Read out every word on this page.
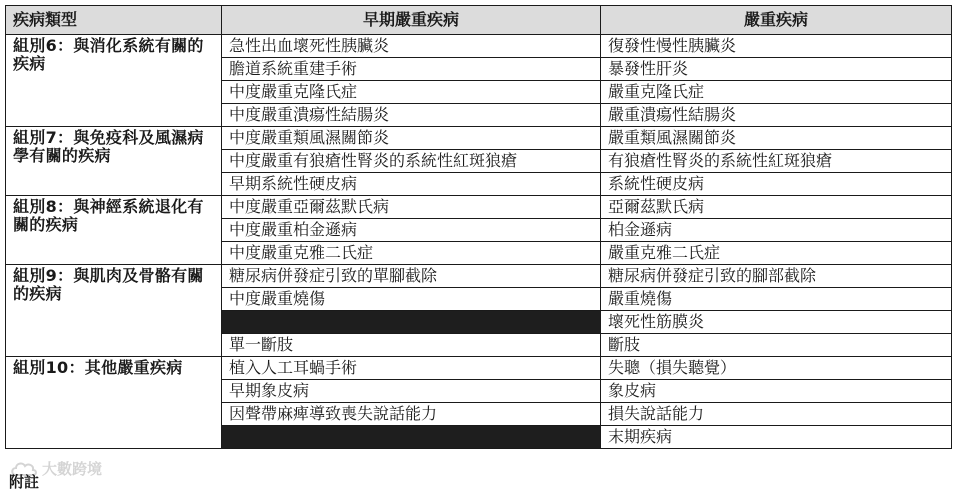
疾病類型	早期嚴重疾病	嚴重疾病
組別6：與消化系統有關的疾病	急性出血壞死性胰臟炎	復發性慢性胰臟炎
	膽道系統重建手術	暴發性肝炎
	中度嚴重克隆氏症	嚴重克隆氏症
	中度嚴重潰瘍性結腸炎	嚴重潰瘍性結腸炎
組別7：與免疫科及風濕病學有關的疾病	中度嚴重類風濕關節炎	嚴重類風濕關節炎
	中度嚴重有狼瘡性腎炎的系統性紅斑狼瘡	有狼瘡性腎炎的系統性紅斑狼瘡
	早期系統性硬皮病	系統性硬皮病
組別8：與神經系統退化有關的疾病	中度嚴重亞爾茲默氏病	亞爾茲默氏病
	中度嚴重柏金遜病	柏金遜病
	中度嚴重克雅二氏症	嚴重克雅二氏症
組別9：與肌肉及骨骼有關的疾病	糖尿病併發症引致的單腳截除	糖尿病併發症引致的腳部截除
	中度嚴重燒傷	嚴重燒傷
		壞死性筋膜炎
	單一斷肢	斷肢
組別10：其他嚴重疾病	植入人工耳蝸手術	失聰（損失聽覺）
	早期象皮病	象皮病
	因聲帶麻痺導致喪失說話能力	損失說話能力
		末期疾病
大數跨境
附註
